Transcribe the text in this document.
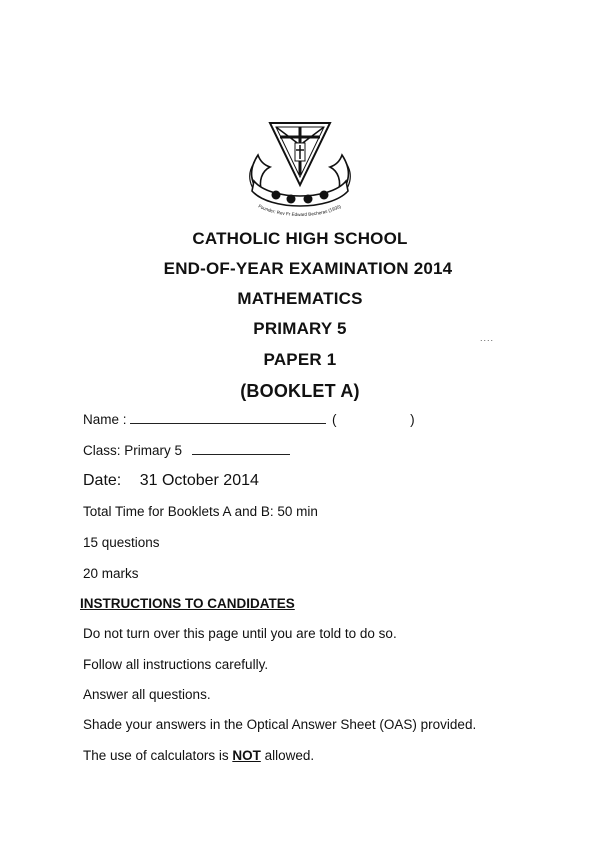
Founder: Rev Fr Edward Becheras (1935)
CATHOLIC HIGH SCHOOL
END-OF-YEAR EXAMINATION 2014
MATHEMATICS
PRIMARY 5
PAPER 1
(BOOKLET A)
....
Name :	(	)
Class: Primary 5
Date: 31 October 2014
Total Time for Booklets A and B: 50 min
15 questions
20 marks
INSTRUCTIONS TO CANDIDATES
Do not turn over this page until you are told to do so.
Follow all instructions carefully.
Answer all questions.
Shade your answers in the Optical Answer Sheet (OAS) provided.
The use of calculators is NOT allowed.
